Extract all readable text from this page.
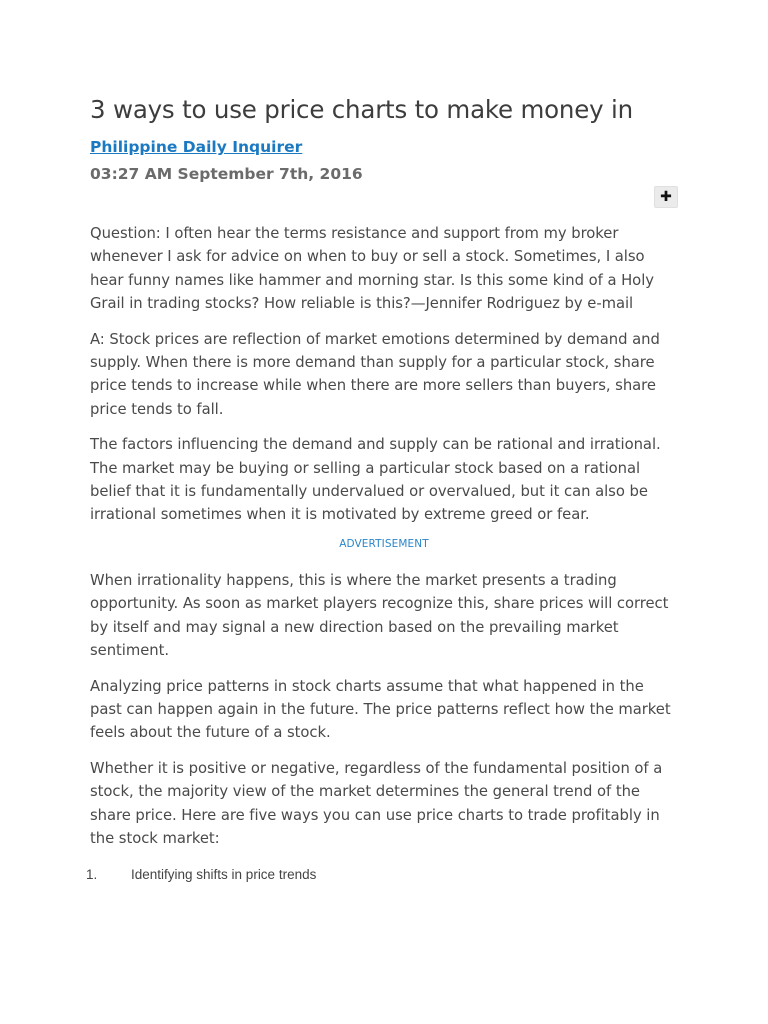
3 ways to use price charts to make money in
Philippine Daily Inquirer
03:27 AM September 7th, 2016
✚

Question: I often hear the terms resistance and support from my broker whenever I ask for advice on when to buy or sell a stock. Sometimes, I also hear funny names like hammer and morning star. Is this some kind of a Holy Grail in trading stocks? How reliable is this?—Jennifer Rodriguez by e-mail

A: Stock prices are reflection of market emotions determined by demand and supply. When there is more demand than supply for a particular stock, share price tends to increase while when there are more sellers than buyers, share price tends to fall.

The factors influencing the demand and supply can be rational and irrational. The market may be buying or selling a particular stock based on a rational belief that it is fundamentally undervalued or overvalued, but it can also be irrational sometimes when it is motivated by extreme greed or fear.

ADVERTISEMENT

When irrationality happens, this is where the market presents a trading opportunity. As soon as market players recognize this, share prices will correct by itself and may signal a new direction based on the prevailing market sentiment.

Analyzing price patterns in stock charts assume that what happened in the past can happen again in the future. The price patterns reflect how the market feels about the future of a stock.

Whether it is positive or negative, regardless of the fundamental position of a stock, the majority view of the market determines the general trend of the share price. Here are five ways you can use price charts to trade profitably in the stock market:

1.	Identifying shifts in price trends
